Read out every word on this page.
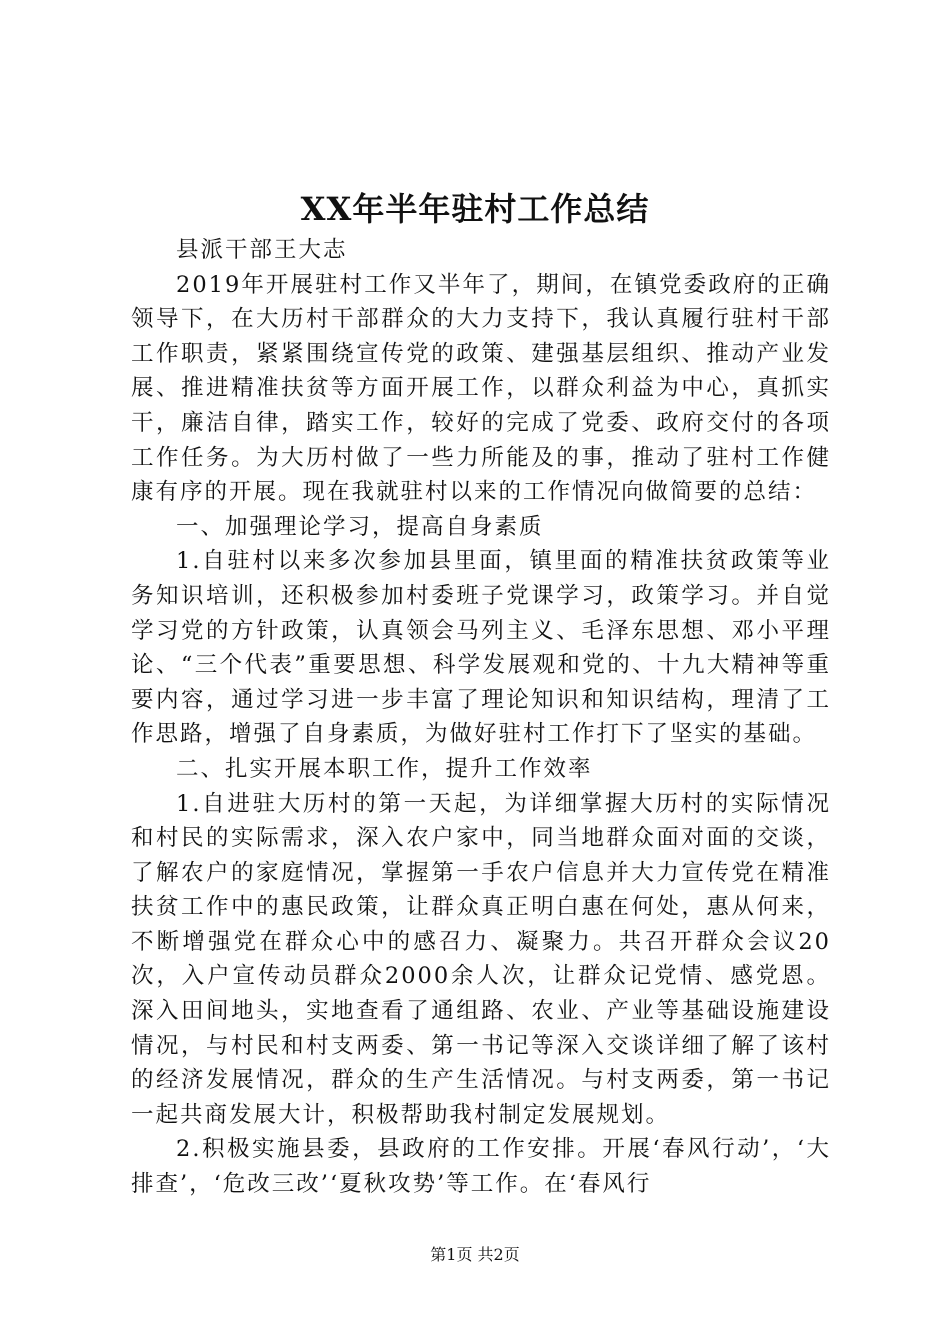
XX年半年驻村工作总结

县派干部王大志

2019年开展驻村工作又半年了，期间，在镇党委政府的正确领导下，在大历村干部群众的大力支持下，我认真履行驻村干部工作职责，紧紧围绕宣传党的政策、建强基层组织、推动产业发展、推进精准扶贫等方面开展工作，以群众利益为中心，真抓实干，廉洁自律，踏实工作，较好的完成了党委、政府交付的各项工作任务。为大历村做了一些力所能及的事，推动了驻村工作健康有序的开展。现在我就驻村以来的工作情况向做简要的总结：

一、加强理论学习，提高自身素质

1.自驻村以来多次参加县里面，镇里面的精准扶贫政策等业务知识培训，还积极参加村委班子党课学习，政策学习。并自觉学习党的方针政策，认真领会马列主义、毛泽东思想、邓小平理论、“三个代表”重要思想、科学发展观和党的、十九大精神等重要内容，通过学习进一步丰富了理论知识和知识结构，理清了工作思路，增强了自身素质，为做好驻村工作打下了坚实的基础。

二、扎实开展本职工作，提升工作效率

1.自进驻大历村的第一天起，为详细掌握大历村的实际情况和村民的实际需求，深入农户家中，同当地群众面对面的交谈，了解农户的家庭情况，掌握第一手农户信息并大力宣传党在精准扶贫工作中的惠民政策，让群众真正明白惠在何处，惠从何来，不断增强党在群众心中的感召力、凝聚力。共召开群众会议20次，入户宣传动员群众2000余人次，让群众记党情、感党恩。深入田间地头，实地查看了通组路、农业、产业等基础设施建设情况，与村民和村支两委、第一书记等深入交谈详细了解了该村的经济发展情况，群众的生产生活情况。与村支两委，第一书记一起共商发展大计，积极帮助我村制定发展规划。

2.积极实施县委，县政府的工作安排。开展‘春风行动’，‘大排查’，‘危改三改’‘夏秋攻势’等工作。在‘春风行

第1页 共2页
